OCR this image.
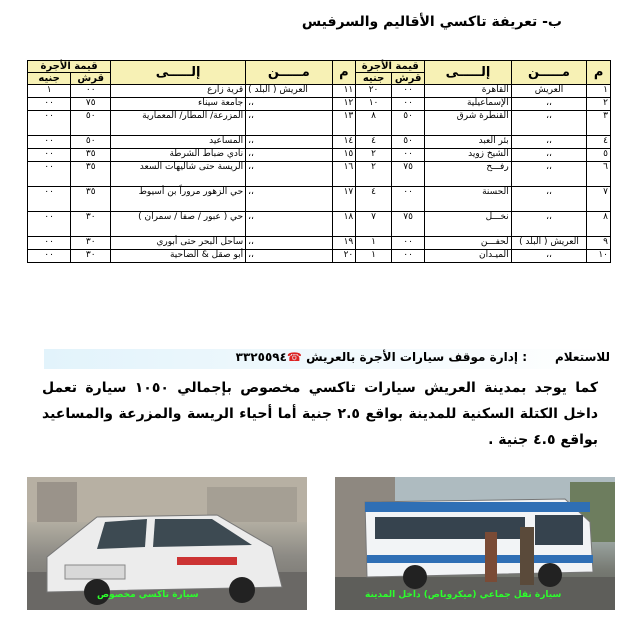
ب- تعريفة تاكسي الأقاليم والسرفيس
م	مـــــن	إلـــــى	قيمة الأجرة		م	مـــــن	إلـــــى	قيمة الأجرة	
			قرش	جنيه				قرش	جنيه
١	العريش	القاهرة	٠٠	٢٠	١١	العريش ( البلد )	قرية زارع	٠٠	١
٢	،،	الإسماعيلية	٠٠	١٠	١٢	،،	جامعة سيناء	٧٥	٠٠
٣	،،	القنطرة شرق	٥٠	٨	١٣	،،	المزرعة/ المطار/ المعمارية	٥٠	٠٠
٤	،،	بئر العبد	٥٠	٤	١٤	،،	المساعيد	٥٠	٠٠
٥	،،	الشيخ زويد	٠٠	٢	١٥	،،	نادي ضباط الشرطة	٣٥	٠٠
٦	،،	رفـــح	٧٥	٢	١٦	،،	الريسة حتى شاليهات السعد	٣٥	٠٠
٧	،،	الحسنة	٠٠	٤	١٧	،،	حي الزهور مروراً بن أسيوط	٣٥	٠٠
٨	،،	نخـــل	٧٥	٧	١٨	،،	حي ( عبور / صفا / سمران )	٣٠	٠٠
٩	العريش ( البلد )	لحفـــن	٠٠	١	١٩	،،	ساحل البحر حتى أبوري	٣٠	٠٠
١٠	،،	الميـدان	٠٠	١	٢٠	،،	أبو صقل & الضاحية	٣٠	٠٠
للاستعلام: إدارة موقف سيارات الأجرة بالعريش ☎٣٣٢٥٥٩٤
كما يوجد بمدينة العريش سيارات تاكسي مخصوص بإجمالي ١٠٥٠ سيارة تعمل داخل الكتلة السكنية للمدينة بواقع ٢.٥ جنية أما أحياء الريسة والمزرعة والمساعيد بواقع ٤.٥ جنية .
سيارة تاكسي مخصوص	سيارة نقل جماعي (ميكروباص) داخل المدينة
